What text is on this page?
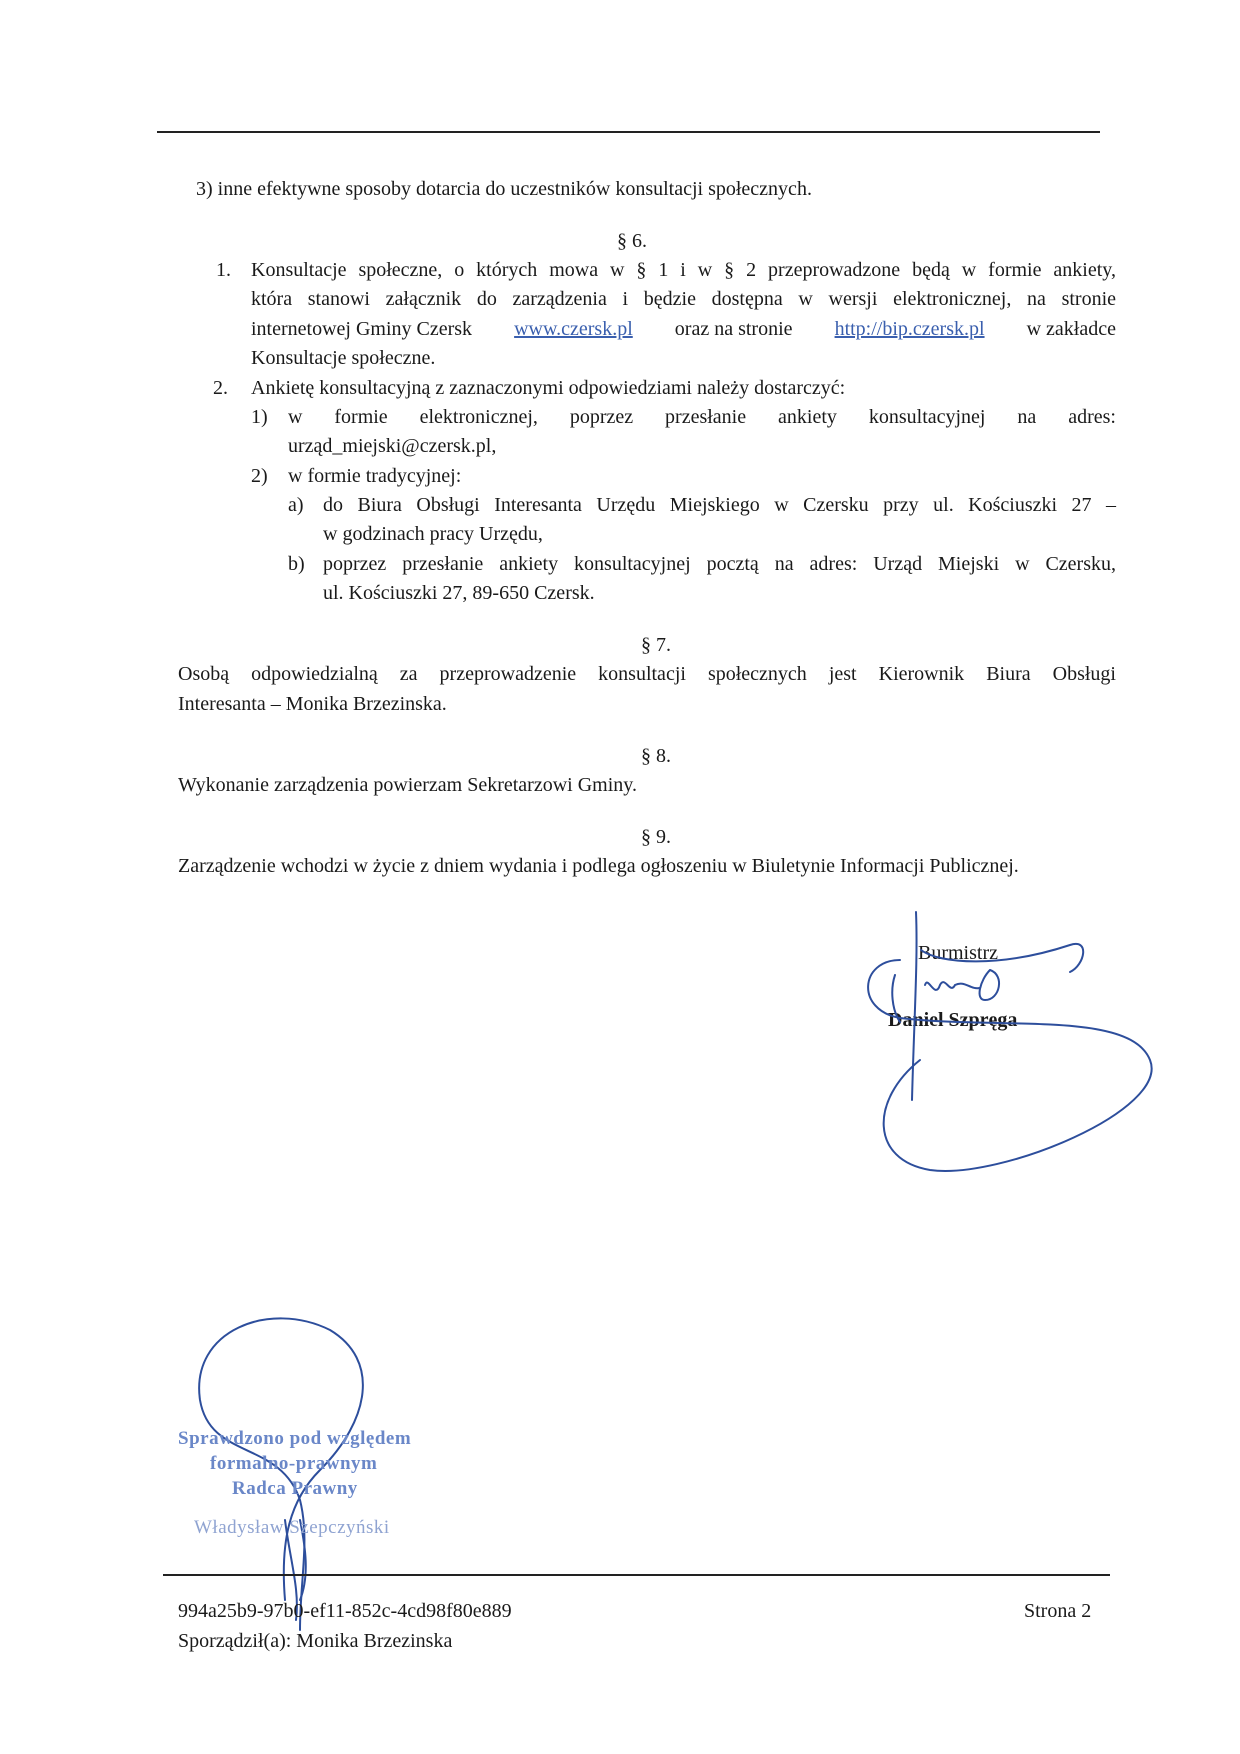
3) inne efektywne sposoby dotarcia do uczestników konsultacji społecznych.
§ 6.
1. Konsultacje społeczne, o których mowa w § 1 i w § 2 przeprowadzone będą w formie ankiety,
która stanowi załącznik do zarządzenia i będzie dostępna w wersji elektronicznej, na stronie
internetowej Gminy Czersk www.czersk.pl oraz na stronie http://bip.czersk.pl w zakładce
Konsultacje społeczne.
2. Ankietę konsultacyjną z zaznaczonymi odpowiedziami należy dostarczyć:
1) w formie elektronicznej, poprzez przesłanie ankiety konsultacyjnej na adres:
urząd_miejski@czersk.pl,
2) w formie tradycyjnej:
a) do Biura Obsługi Interesanta Urzędu Miejskiego w Czersku przy ul. Kościuszki 27 –
w godzinach pracy Urzędu,
b) poprzez przesłanie ankiety konsultacyjnej pocztą na adres: Urząd Miejski w Czersku,
ul. Kościuszki 27, 89-650 Czersk.
§ 7.
Osobą odpowiedzialną za przeprowadzenie konsultacji społecznych jest Kierownik Biura Obsługi
Interesanta – Monika Brzezinska.
§ 8.
Wykonanie zarządzenia powierzam Sekretarzowi Gminy.
§ 9.
Zarządzenie wchodzi w życie z dniem wydania i podlega ogłoszeniu w Biuletynie Informacji Publicznej.
Burmistrz
Daniel Szpręga
Sprawdzono pod względem
formalno-prawnym
Radca Prawny
Władysław Szepczyński
994a25b9-97b0-ef11-852c-4cd98f80e889
Sporządził(a): Monika Brzezinska
Strona 2
